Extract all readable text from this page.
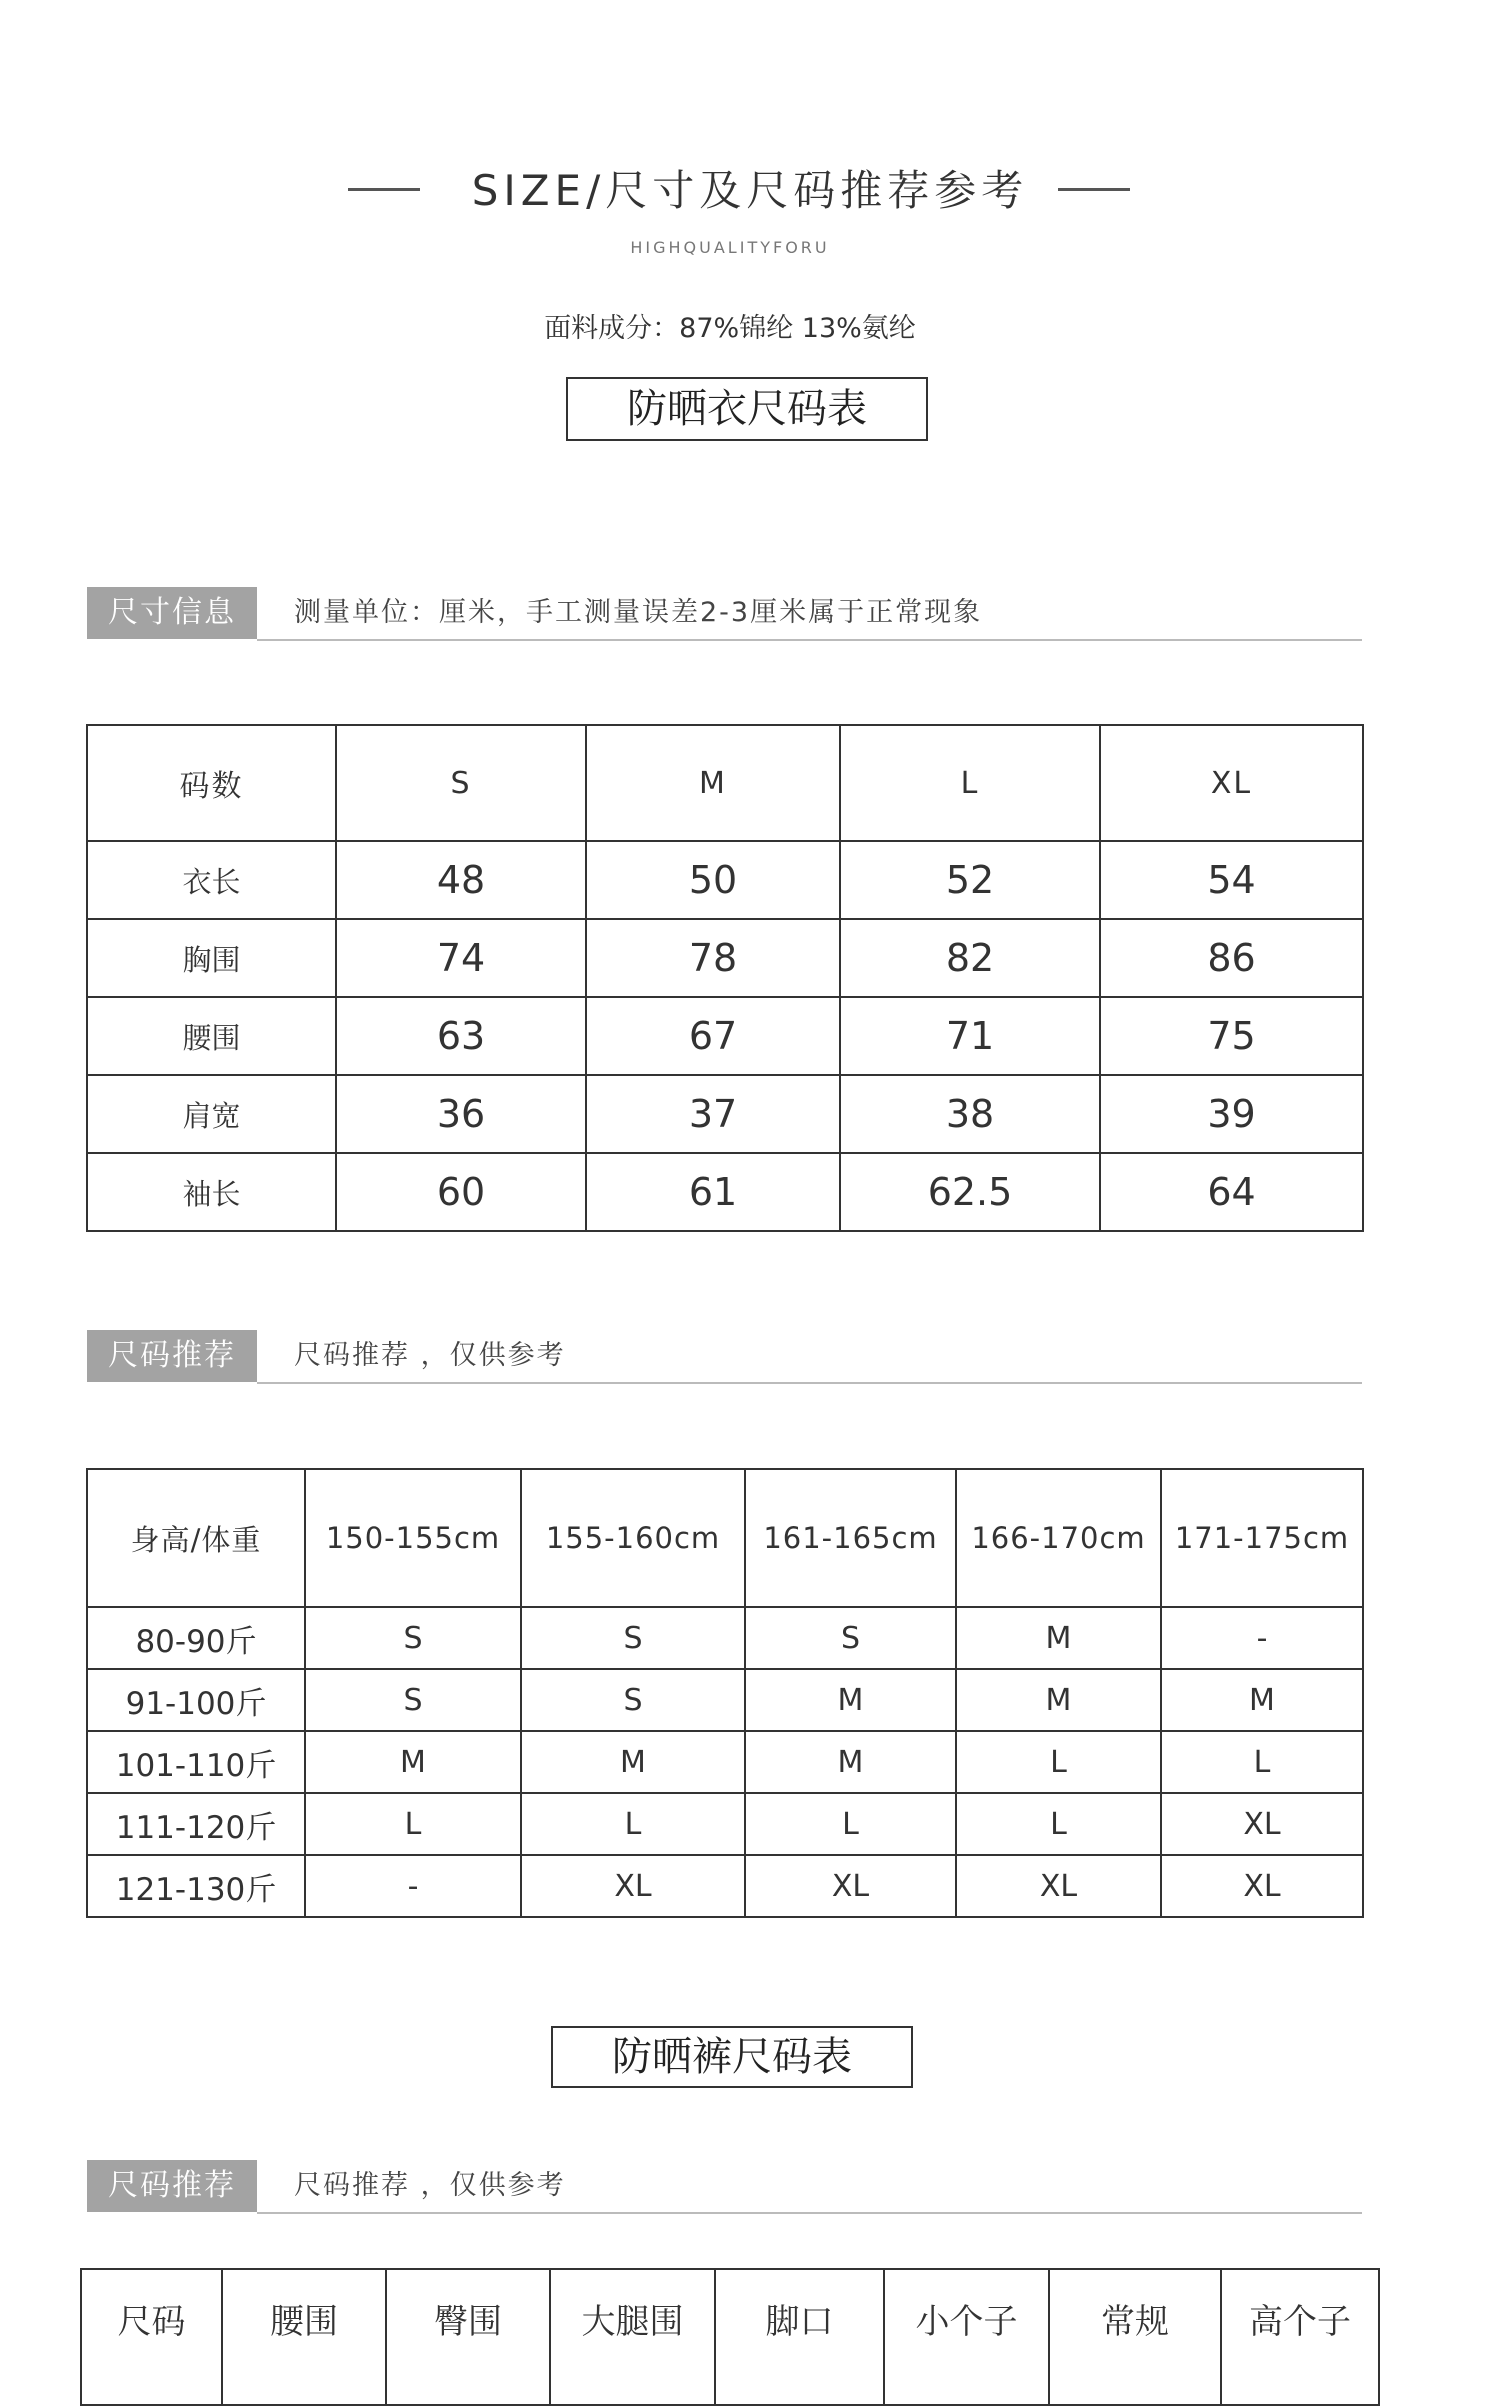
SIZE/尺寸及尺码推荐参考
HIGHQUALITYFORU
面料成分：87%锦纶 13%氨纶
防晒衣尺码表
尺寸信息	测量单位：厘米，手工测量误差2-3厘米属于正常现象
码数	S	M	L	XL
衣长	48	50	52	54
胸围	74	78	82	86
腰围	63	67	71	75
肩宽	36	37	38	39
袖长	60	61	62.5	64
尺码推荐	尺码推荐 ，仅供参考
身高/体重	150-155cm	155-160cm	161-165cm	166-170cm	171-175cm
80-90斤	S	S	S	M	-
91-100斤	S	S	M	M	M
101-110斤	M	M	M	L	L
111-120斤	L	L	L	L	XL
121-130斤	-	XL	XL	XL	XL
防晒裤尺码表
尺码推荐	尺码推荐 ，仅供参考
尺码	腰围	臀围	大腿围	脚口	小个子	常规	高个子
